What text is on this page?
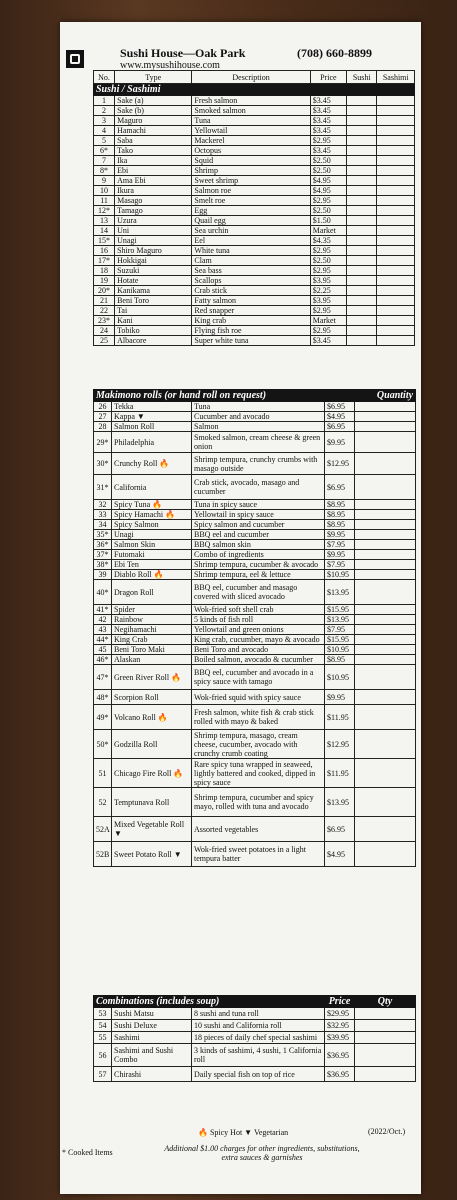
Sushi House—Oak Park	(708) 660-8899
www.mysushihouse.com
No.	Type	Description	Price	Sushi	Sashimi
Sushi / Sashimi					
1	Sake (a)	Fresh salmon	$3.45		
2	Sake (b)	Smoked salmon	$3.45		
3	Maguro	Tuna	$3.45		
4	Hamachi	Yellowtail	$3.45		
5	Saba	Mackerel	$2.95		
6*	Tako	Octopus	$3.45		
7	Ika	Squid	$2.50		
8*	Ebi	Shrimp	$2.50		
9	Ama Ebi	Sweet shrimp	$4.95		
10	Ikura	Salmon roe	$4.95		
11	Masago	Smelt roe	$2.95		
12*	Tamago	Egg	$2.50		
13	Uzura	Quail egg	$1.50		
14	Uni	Sea urchin	Market		
15*	Unagi	Eel	$4.35		
16	Shiro Maguro	White tuna	$2.95		
17*	Hokkigai	Clam	$2.50		
18	Suzuki	Sea bass	$2.95		
19	Hotate	Scallops	$3.95		
20*	Kanikama	Crab stick	$2.25		
21	Beni Toro	Fatty salmon	$3.95		
22	Tai	Red snapper	$2.95		
23*	Kani	King crab	Market		
24	Tobiko	Flying fish roe	$2.95		
25	Albacore	Super white tuna	$3.45		
Makimono rolls (or hand roll on request)				Quantity
26	Tekka	Tuna	$6.95	
27	Kappa ▼	Cucumber and avocado	$4.95	
28	Salmon Roll	Salmon	$6.95	
29*	Philadelphia	Smoked salmon, cream cheese & green onion	$9.95	
30*	Crunchy Roll 🔥	Shrimp tempura, crunchy crumbs with masago outside	$12.95	
31*	California	Crab stick, avocado, masago and cucumber	$6.95	
32	Spicy Tuna 🔥	Tuna in spicy sauce	$8.95	
33	Spicy Hamachi 🔥	Yellowtail in spicy sauce	$8.95	
34	Spicy Salmon	Spicy salmon and cucumber	$8.95	
35*	Unagi	BBQ eel and cucumber	$9.95	
36*	Salmon Skin	BBQ salmon skin	$7.95	
37*	Futomaki	Combo of ingredients	$9.95	
38*	Ebi Ten	Shrimp tempura, cucumber & avocado	$7.95	
39	Diablo Roll 🔥	Shrimp tempura, eel & lettuce	$10.95	
40*	Dragon Roll	BBQ eel, cucumber and masago covered with sliced avocado	$13.95	
41*	Spider	Wok-fried soft shell crab	$15.95	
42	Rainbow	5 kinds of fish roll	$13.95	
43	Negihamachi	Yellowtail and green onions	$7.95	
44*	King Crab	King crab, cucumber, mayo & avocado	$15.95	
45	Beni Toro Maki	Beni Toro and avocado	$10.95	
46*	Alaskan	Boiled salmon, avocado & cucumber	$8.95	
47*	Green River Roll 🔥	BBQ eel, cucumber and avocado in a spicy sauce with tamago	$10.95	
48*	Scorpion Roll	Wok-fried squid with spicy sauce	$9.95	
49*	Volcano Roll 🔥	Fresh salmon, white fish & crab stick rolled with mayo & baked	$11.95	
50*	Godzilla Roll	Shrimp tempura, masago, cream cheese, cucumber, avocado with crunchy crumb coating	$12.95	
51	Chicago Fire Roll 🔥	Rare spicy tuna wrapped in seaweed, lightly battered and cooked, dipped in spicy sauce	$11.95	
52	Temptunava Roll	Shrimp tempura, cucumber and spicy mayo, rolled with tuna and avocado	$13.95	
52A	Mixed Vegetable Roll ▼	Assorted vegetables	$6.95	
52B	Sweet Potato Roll ▼	Wok-fried sweet potatoes in a light tempura batter	$4.95	
Combinations (includes soup)			Price	Qty
53	Sushi Matsu	8 sushi and tuna roll	$29.95	
54	Sushi Deluxe	10 sushi and California roll	$32.95	
55	Sashimi	18 pieces of daily chef special sashimi	$39.95	
56	Sashimi and Sushi Combo	3 kinds of sashimi, 4 sushi, 1 California roll	$36.95	
57	Chirashi	Daily special fish on top of rice	$36.95	
🔥 Spicy Hot ▼ Vegetarian	(2022/Oct.)
* Cooked Items	Additional $1.00 charges for other ingredients, substitutions, extra sauces & garnishes
